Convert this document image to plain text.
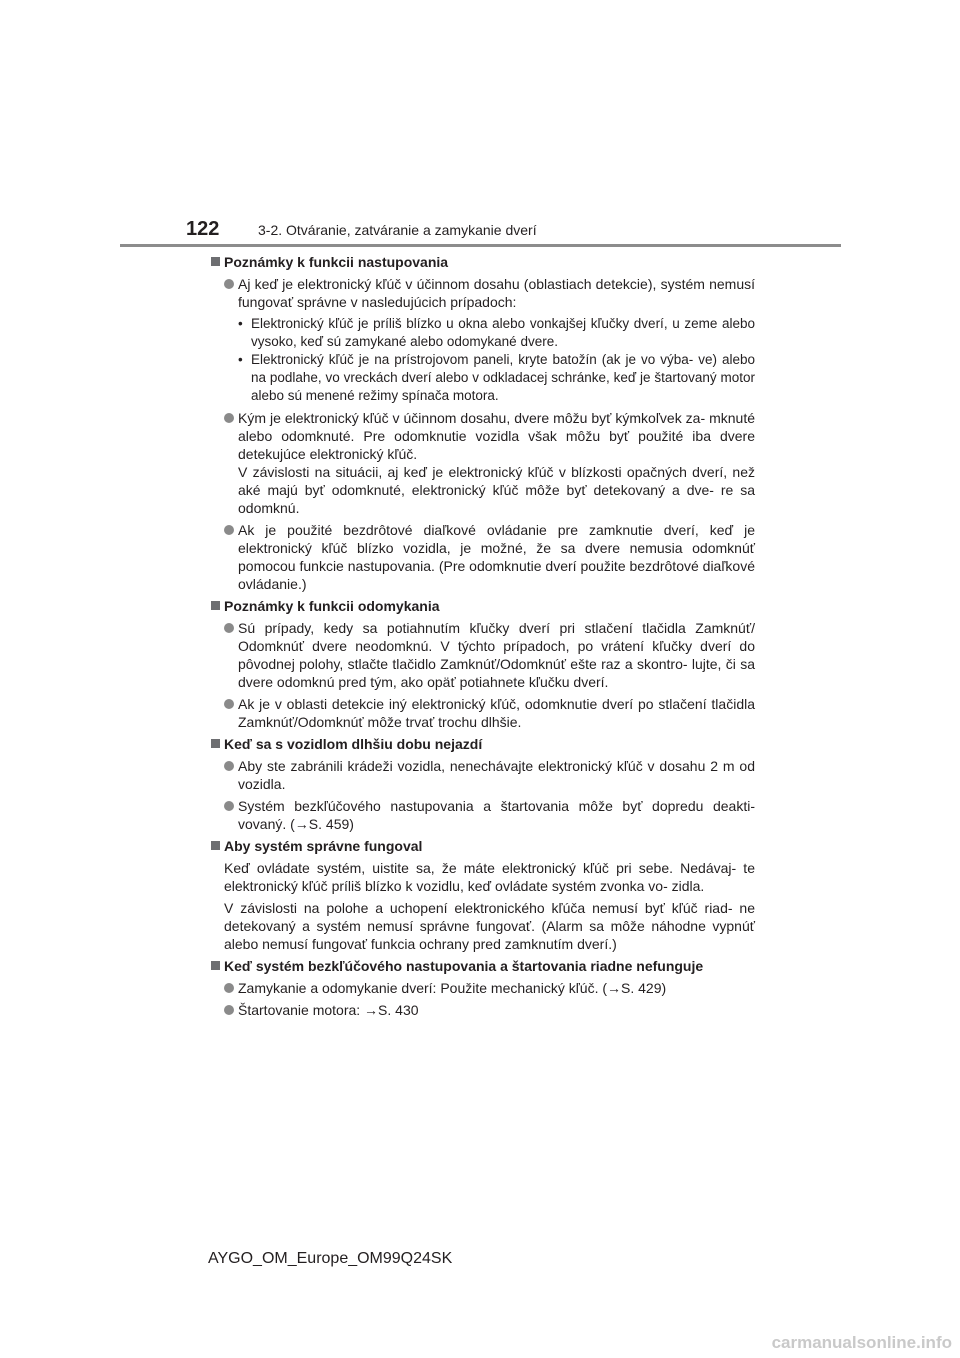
122	3-2. Otváranie, zatváranie a zamykanie dverí
Poznámky k funkcii nastupovania
Aj keď je elektronický kľúč v účinnom dosahu (oblastiach detekcie), systém nemusí fungovať správne v nasledujúcich prípadoch:
• Elektronický kľúč je príliš blízko u okna alebo vonkajšej kľučky dverí, u zeme alebo vysoko, keď sú zamykané alebo odomykané dvere.
• Elektronický kľúč je na prístrojovom paneli, kryte batožín (ak je vo výba- ve) alebo na podlahe, vo vreckách dverí alebo v odkladacej schránke, keď je štartovaný motor alebo sú menené režimy spínača motora.
Kým je elektronický kľúč v účinnom dosahu, dvere môžu byť kýmkoľvek za- mknuté alebo odomknuté. Pre odomknutie vozidla však môžu byť použité iba dvere detekujúce elektronický kľúč.
V závislosti na situácii, aj keď je elektronický kľúč v blízkosti opačných dverí, než aké majú byť odomknuté, elektronický kľúč môže byť detekovaný a dve- re sa odomknú.
Ak je použité bezdrôtové diaľkové ovládanie pre zamknutie dverí, keď je elektronický kľúč blízko vozidla, je možné, že sa dvere nemusia odomknúť pomocou funkcie nastupovania. (Pre odomknutie dverí použite bezdrôtové diaľkové ovládanie.)
Poznámky k funkcii odomykania
Sú prípady, kedy sa potiahnutím kľučky dverí pri stlačení tlačidla Zamknúť/ Odomknúť dvere neodomknú. V týchto prípadoch, po vrátení kľučky dverí do pôvodnej polohy, stlačte tlačidlo Zamknúť/Odomknúť ešte raz a skontro- lujte, či sa dvere odomknú pred tým, ako opäť potiahnete kľučku dverí.
Ak je v oblasti detekcie iný elektronický kľúč, odomknutie dverí po stlačení tlačidla Zamknúť/Odomknúť môže trvať trochu dlhšie.
Keď sa s vozidlom dlhšiu dobu nejazdí
Aby ste zabránili krádeži vozidla, nenechávajte elektronický kľúč v dosahu 2 m od vozidla.
Systém bezkľúčového nastupovania a štartovania môže byť dopredu deakti- vovaný. (→S. 459)
Aby systém správne fungoval
Keď ovládate systém, uistite sa, že máte elektronický kľúč pri sebe. Nedávaj- te elektronický kľúč príliš blízko k vozidlu, keď ovládate systém zvonka vo- zidla.
V závislosti na polohe a uchopení elektronického kľúča nemusí byť kľúč riad- ne detekovaný a systém nemusí správne fungovať. (Alarm sa môže náhodne vypnúť alebo nemusí fungovať funkcia ochrany pred zamknutím dverí.)
Keď systém bezkľúčového nastupovania a štartovania riadne nefunguje
Zamykanie a odomykanie dverí: Použite mechanický kľúč. (→S. 429)
Štartovanie motora: →S. 430
AYGO_OM_Europe_OM99Q24SK
carmanualsonline.info
